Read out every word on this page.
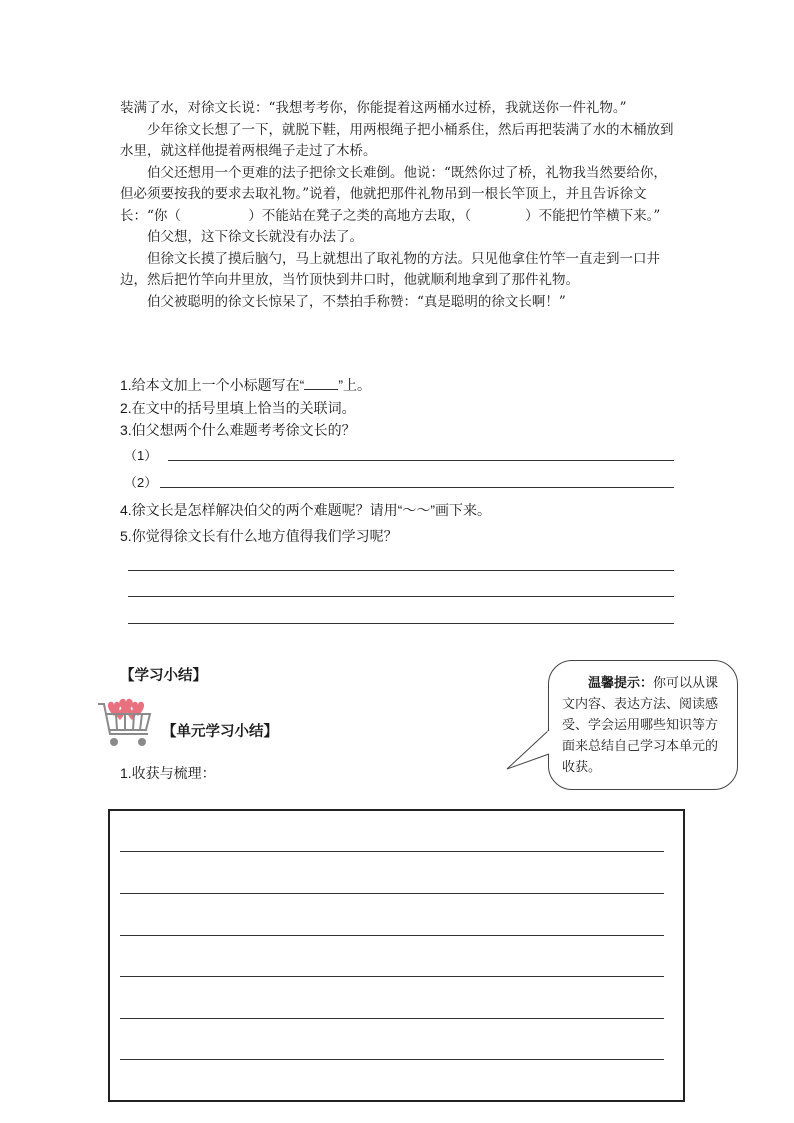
装满了水，对徐文长说：“我想考考你，你能提着这两桶水过桥，我就送你一件礼物。”

少年徐文长想了一下，就脱下鞋，用两根绳子把小桶系住，然后再把装满了水的木桶放到水里，就这样他提着两根绳子走过了木桥。

伯父还想用一个更难的法子把徐文长难倒。他说：“既然你过了桥，礼物我当然要给你，但必须要按我的要求去取礼物。”说着，他就把那件礼物吊到一根长竿顶上，并且告诉徐文长：“你（　　　　　）不能站在凳子之类的高地方去取，（　　　　）不能把竹竿横下来。”

伯父想，这下徐文长就没有办法了。

但徐文长摸了摸后脑勺，马上就想出了取礼物的方法。只见他拿住竹竿一直走到一口井边，然后把竹竿向井里放，当竹顶快到井口时，他就顺利地拿到了那件礼物。

伯父被聪明的徐文长惊呆了，不禁拍手称赞：“真是聪明的徐文长啊！”

1.给本文加上一个小标题写在“ ”上。
2.在文中的括号里填上恰当的关联词。
3.伯父想两个什么难题考考徐文长的？
（1）
（2）
4.徐文长是怎样解决伯父的两个难题呢？请用“～～”画下来。
5.你觉得徐文长有什么地方值得我们学习呢？
【学习小结】
【单元学习小结】
1.收获与梳理：
温馨提示：你可以从课文内容、表达方法、阅读感受、学会运用哪些知识等方面来总结自己学习本单元的收获。
